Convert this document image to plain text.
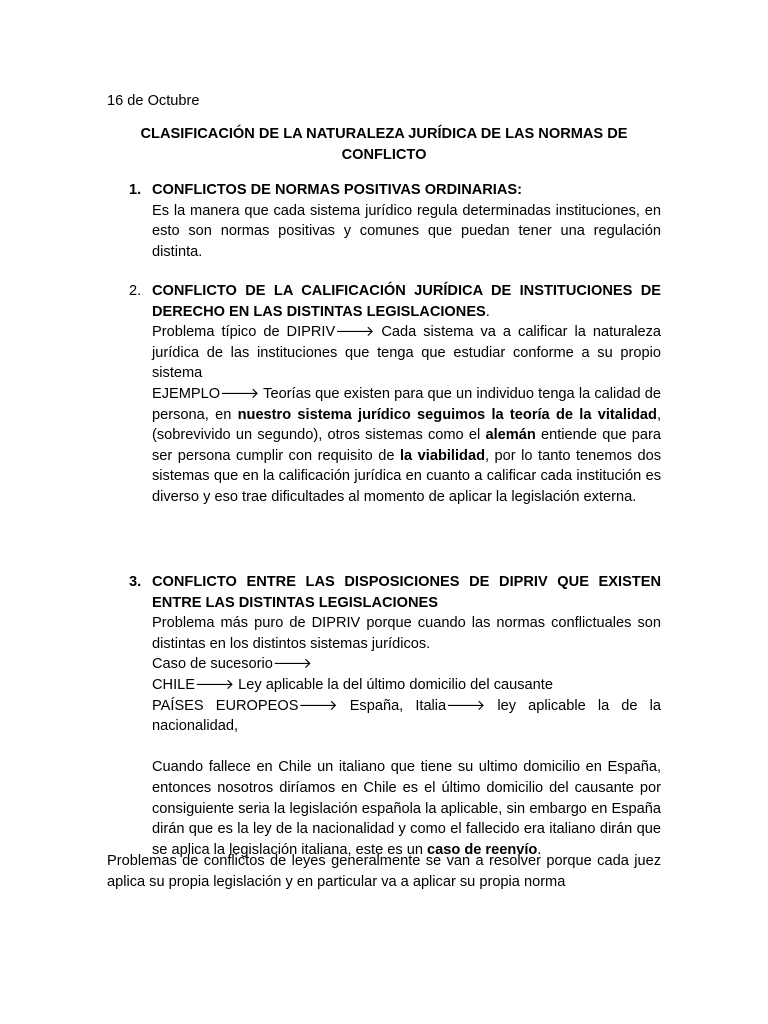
16 de Octubre
CLASIFICACIÓN DE LA NATURALEZA JURÍDICA DE LAS NORMAS DE CONFLICTO
1. CONFLICTOS DE NORMAS POSITIVAS ORDINARIAS:

Es la manera que cada sistema jurídico regula determinadas instituciones, en esto son normas positivas y comunes que puedan tener una regulación distinta.

2. CONFLICTO DE LA CALIFICACIÓN JURÍDICA DE INSTITUCIONES DE DERECHO EN LAS DISTINTAS LEGISLACIONES.

Problema típico de DIPRIV🡒 Cada sistema va a calificar la naturaleza jurídica de las instituciones que tenga que estudiar conforme a su propio sistema

EJEMPLO🡒 Teorías que existen para que un individuo tenga la calidad de persona, en nuestro sistema jurídico seguimos la teoría de la vitalidad, (sobrevivido un segundo), otros sistemas como el alemán entiende que para ser persona cumplir con requisito de la viabilidad, por lo tanto tenemos dos sistemas que en la calificación jurídica en cuanto a calificar cada institución es diverso y eso trae dificultades al momento de aplicar la legislación externa.

3. CONFLICTO ENTRE LAS DISPOSICIONES DE DIPRIV QUE EXISTEN ENTRE LAS DISTINTAS LEGISLACIONES

Problema más puro de DIPRIV porque cuando las normas conflictuales son distintas en los distintos sistemas jurídicos.

Caso de sucesorio🡒

CHILE🡒 Ley aplicable la del último domicilio del causante

PAÍSES EUROPEOS🡒 España, Italia🡒 ley aplicable la de la nacionalidad,

Cuando fallece en Chile un italiano que tiene su ultimo domicilio en España, entonces nosotros diríamos en Chile es el último domicilio del causante por consiguiente seria la legislación española la aplicable, sin embargo en España dirán que es la ley de la nacionalidad y como el fallecido era italiano dirán que se aplica la legislación italiana, este es un caso de reenvío.

Problemas de conflictos de leyes generalmente se van a resolver porque cada juez aplica su propia legislación y en particular va a aplicar su propia norma
